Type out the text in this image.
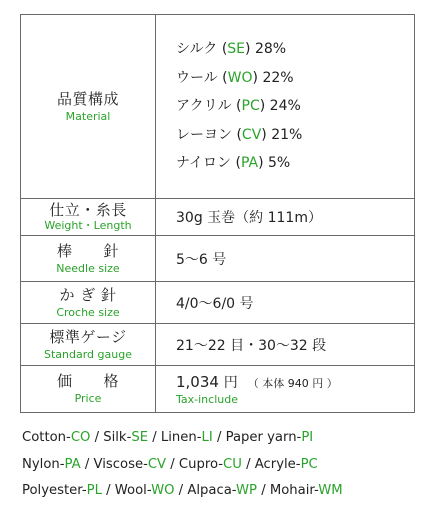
品質構成
Material	シルク (SE) 28%
ウール (WO) 22%
アクリル (PC) 24%
レーヨン (CV) 21%
ナイロン (PA) 5%

仕立・糸長
Weight・Length	30g 玉巻（約 111m）

棒　　針
Needle size	5〜6 号

か ぎ 針
Croche size	4/0〜6/0 号

標準ゲージ
Standard gauge	21〜22 目・30〜32 段

価　　格
Price	1,034 円 （ 本体 940 円 ）
Tax-include
Cotton-CO / Silk-SE / Linen-LI / Paper yarn-PI
Nylon-PA / Viscose-CV / Cupro-CU / Acryle-PC
Polyester-PL / Wool-WO / Alpaca-WP / Mohair-WM
